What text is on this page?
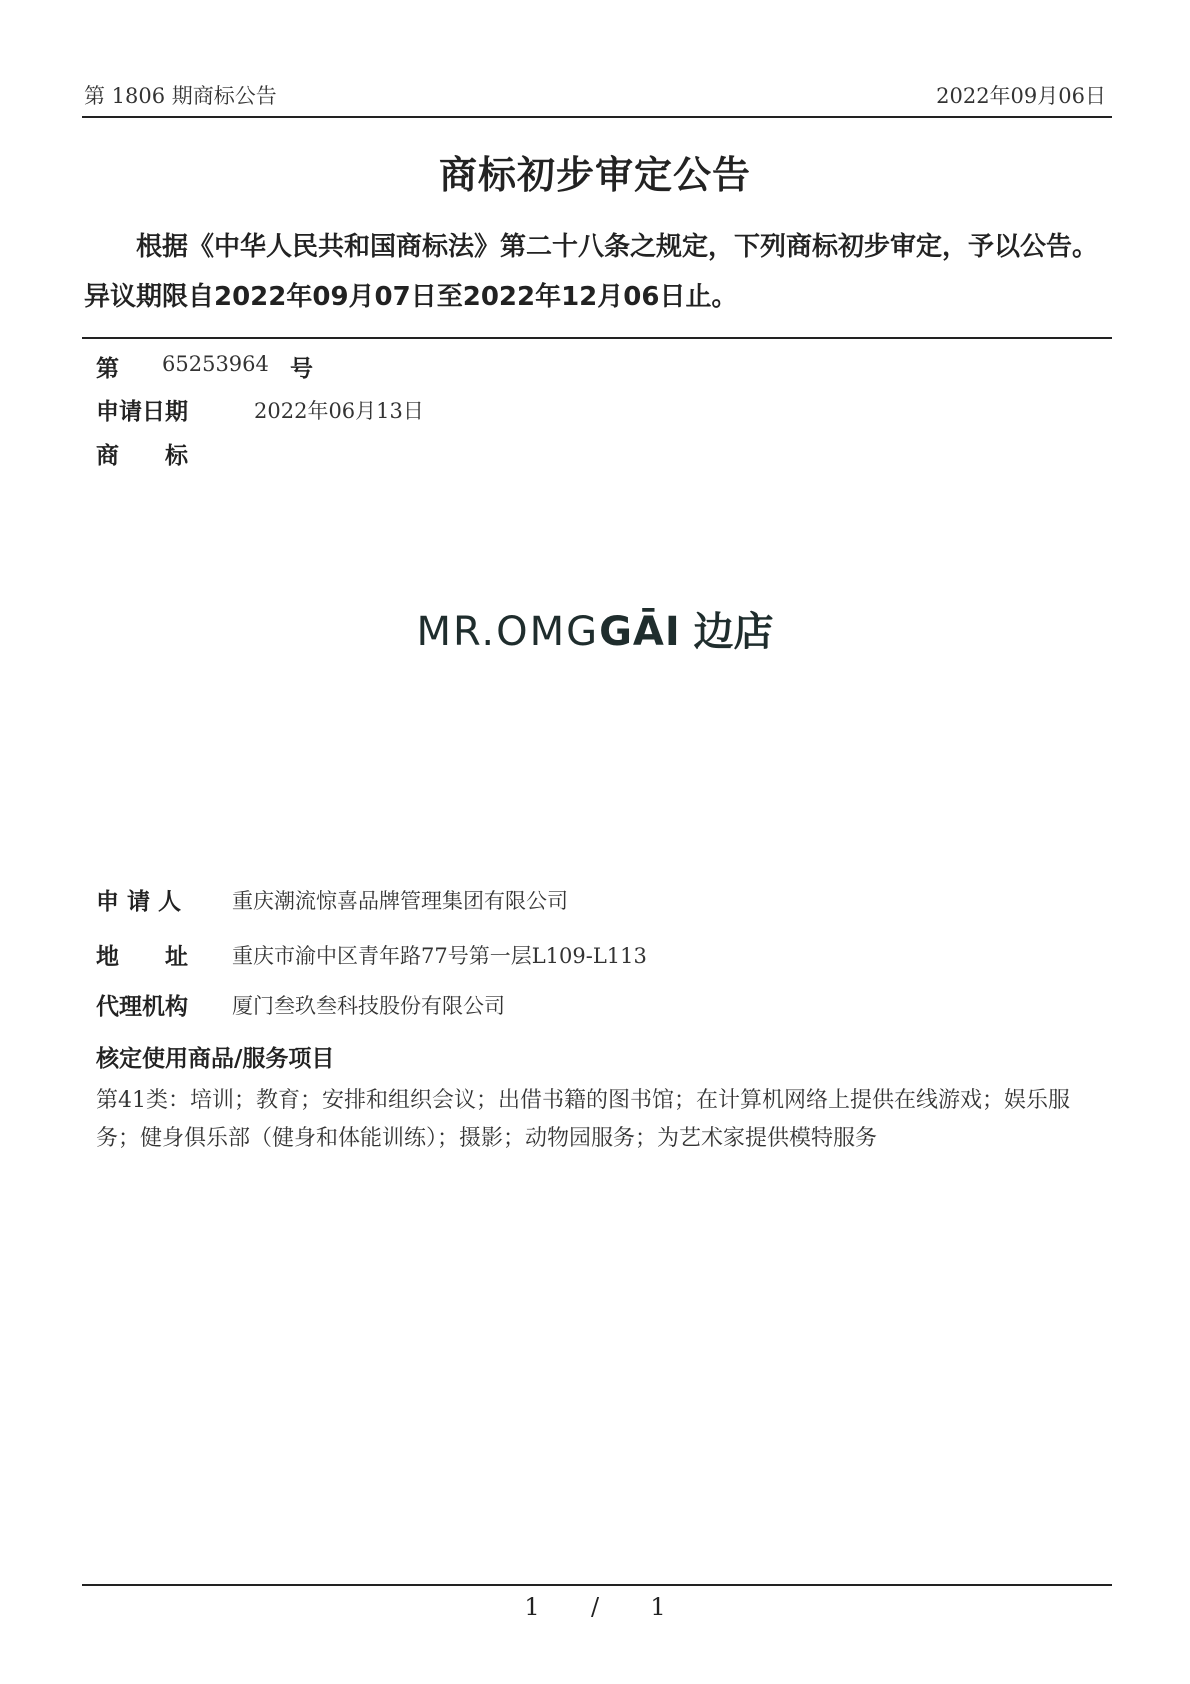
第 1806 期商标公告	2022年09月06日
商标初步审定公告
根据《中华人民共和国商标法》第二十八条之规定，下列商标初步审定，予以公告。异议期限自2022年09月07日至2022年12月06日止。
第 65253964 号
申请日期	2022年06月13日
商　　标
MR.OMGGĀI 边店
申 请 人 重庆潮流惊喜品牌管理集团有限公司
地　　址 重庆市渝中区青年路77号第一层L109-L113
代理机构 厦门叁玖叁科技股份有限公司
核定使用商品/服务项目
第41类：培训；教育；安排和组织会议；出借书籍的图书馆；在计算机网络上提供在线游戏；娱乐服务；健身俱乐部（健身和体能训练）；摄影；动物园服务；为艺术家提供模特服务
1 / 1
